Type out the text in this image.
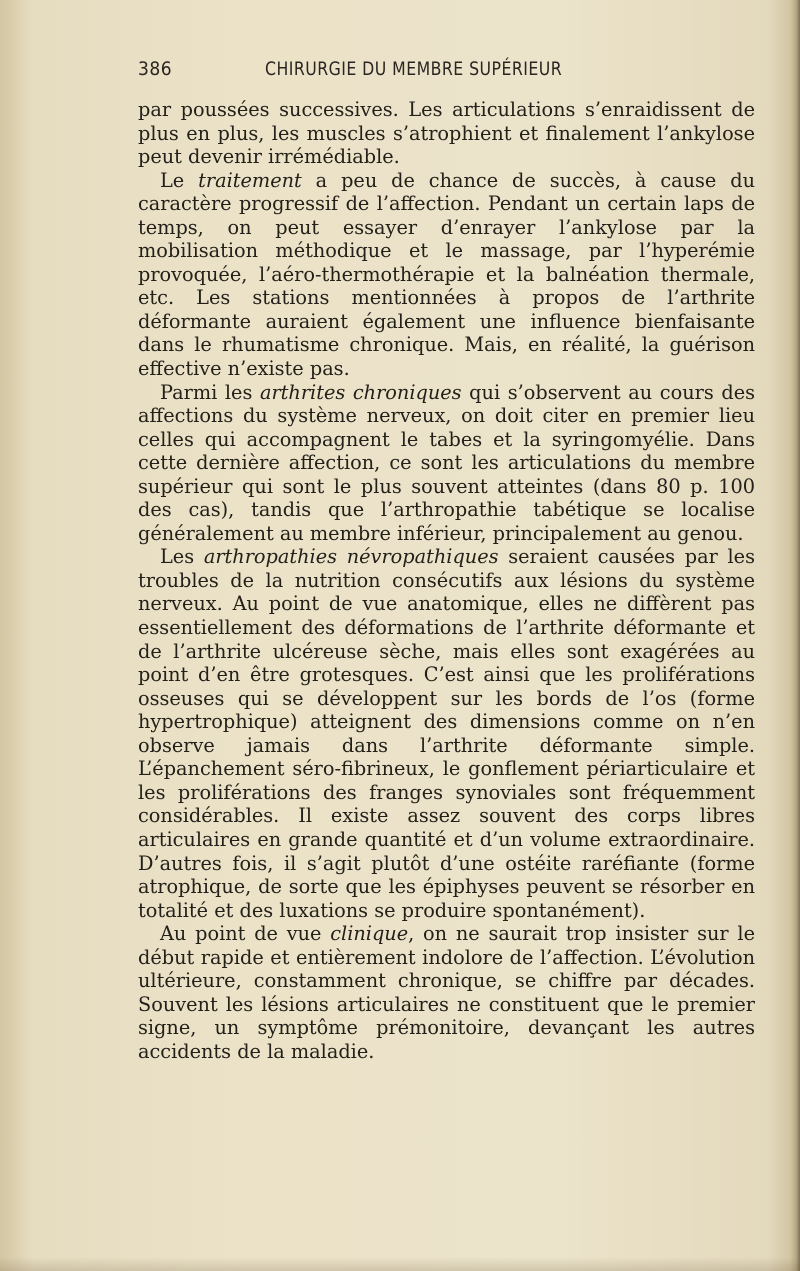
386	CHIRURGIE DU MEMBRE SUPÉRIEUR

par poussées successives. Les articulations s’enraidissent de plus en plus, les muscles s’atrophient et finalement l’ankylose peut devenir irrémédiable.

Le traitement a peu de chance de succès, à cause du caractère progressif de l’affection. Pendant un certain laps de temps, on peut essayer d’enrayer l’ankylose par la mobilisation méthodique et le massage, par l’hyperémie provoquée, l’aéro-thermothérapie et la balnéation thermale, etc. Les stations mentionnées à propos de l’arthrite déformante auraient également une influence bienfaisante dans le rhumatisme chronique. Mais, en réalité, la guérison effective n’existe pas.

Parmi les arthrites chroniques qui s’observent au cours des affections du système nerveux, on doit citer en premier lieu celles qui accompagnent le tabes et la syringomyélie. Dans cette dernière affection, ce sont les articulations du membre supérieur qui sont le plus souvent atteintes (dans 80 p. 100 des cas), tandis que l’arthropathie tabétique se localise généralement au membre inférieur, principalement au genou.

Les arthropathies névropathiques seraient causées par les troubles de la nutrition consécutifs aux lésions du système nerveux. Au point de vue anatomique, elles ne diffèrent pas essentiellement des déformations de l’arthrite déformante et de l’arthrite ulcéreuse sèche, mais elles sont exagérées au point d’en être grotesques. C’est ainsi que les proliférations osseuses qui se développent sur les bords de l’os (forme hypertrophique) atteignent des dimensions comme on n’en observe jamais dans l’arthrite déformante simple. L’épanchement séro-fibrineux, le gonflement périarticulaire et les proliférations des franges synoviales sont fréquemment considérables. Il existe assez souvent des corps libres articulaires en grande quantité et d’un volume extraordinaire. D’autres fois, il s’agit plutôt d’une ostéite raréfiante (forme atrophique, de sorte que les épiphyses peuvent se résorber en totalité et des luxations se produire spontanément).

Au point de vue clinique, on ne saurait trop insister sur le début rapide et entièrement indolore de l’affection. L’évolution ultérieure, constamment chronique, se chiffre par décades. Souvent les lésions articulaires ne constituent que le premier signe, un symptôme prémonitoire, devançant les autres accidents de la maladie.
